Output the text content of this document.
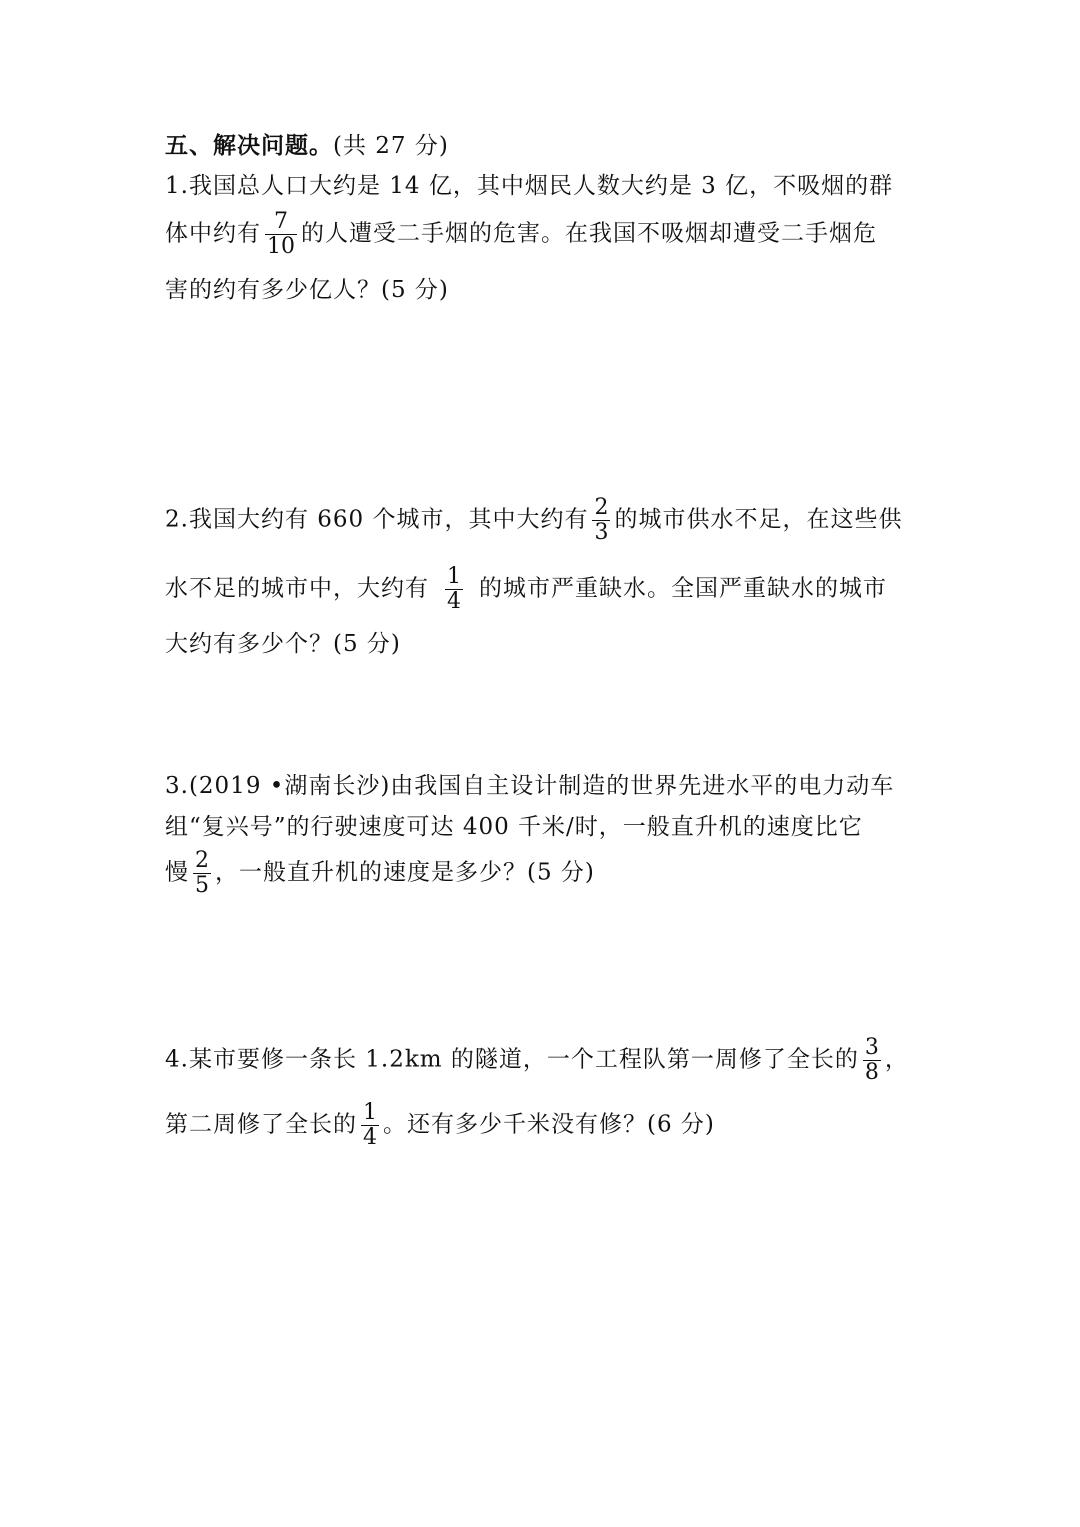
五、解决问题。(共 27 分)
1.我国总人口大约是 14 亿，其中烟民人数大约是 3 亿，不吸烟的群
体中约有 $\frac{7}{10}$ 的人遭受二手烟的危害。在我国不吸烟却遭受二手烟危
害的约有多少亿人？(5 分)
2.我国大约有 660 个城市，其中大约有 $\frac{2}{3}$ 的城市供水不足，在这些供
水不足的城市中，大约有 $\frac{1}{4}$ 的城市严重缺水。全国严重缺水的城市
大约有多少个？(5 分)
3.(2019 •湖南长沙)由我国自主设计制造的世界先进水平的电力动车
组“复兴号”的行驶速度可达 400 千米/时，一般直升机的速度比它
慢 $\frac{2}{5}$ ，一般直升机的速度是多少？(5 分)
4.某市要修一条长 1.2km 的隧道，一个工程队第一周修了全长的 $\frac{3}{8}$ ，
第二周修了全长的 $\frac{1}{4}$ 。还有多少千米没有修？(6 分)
